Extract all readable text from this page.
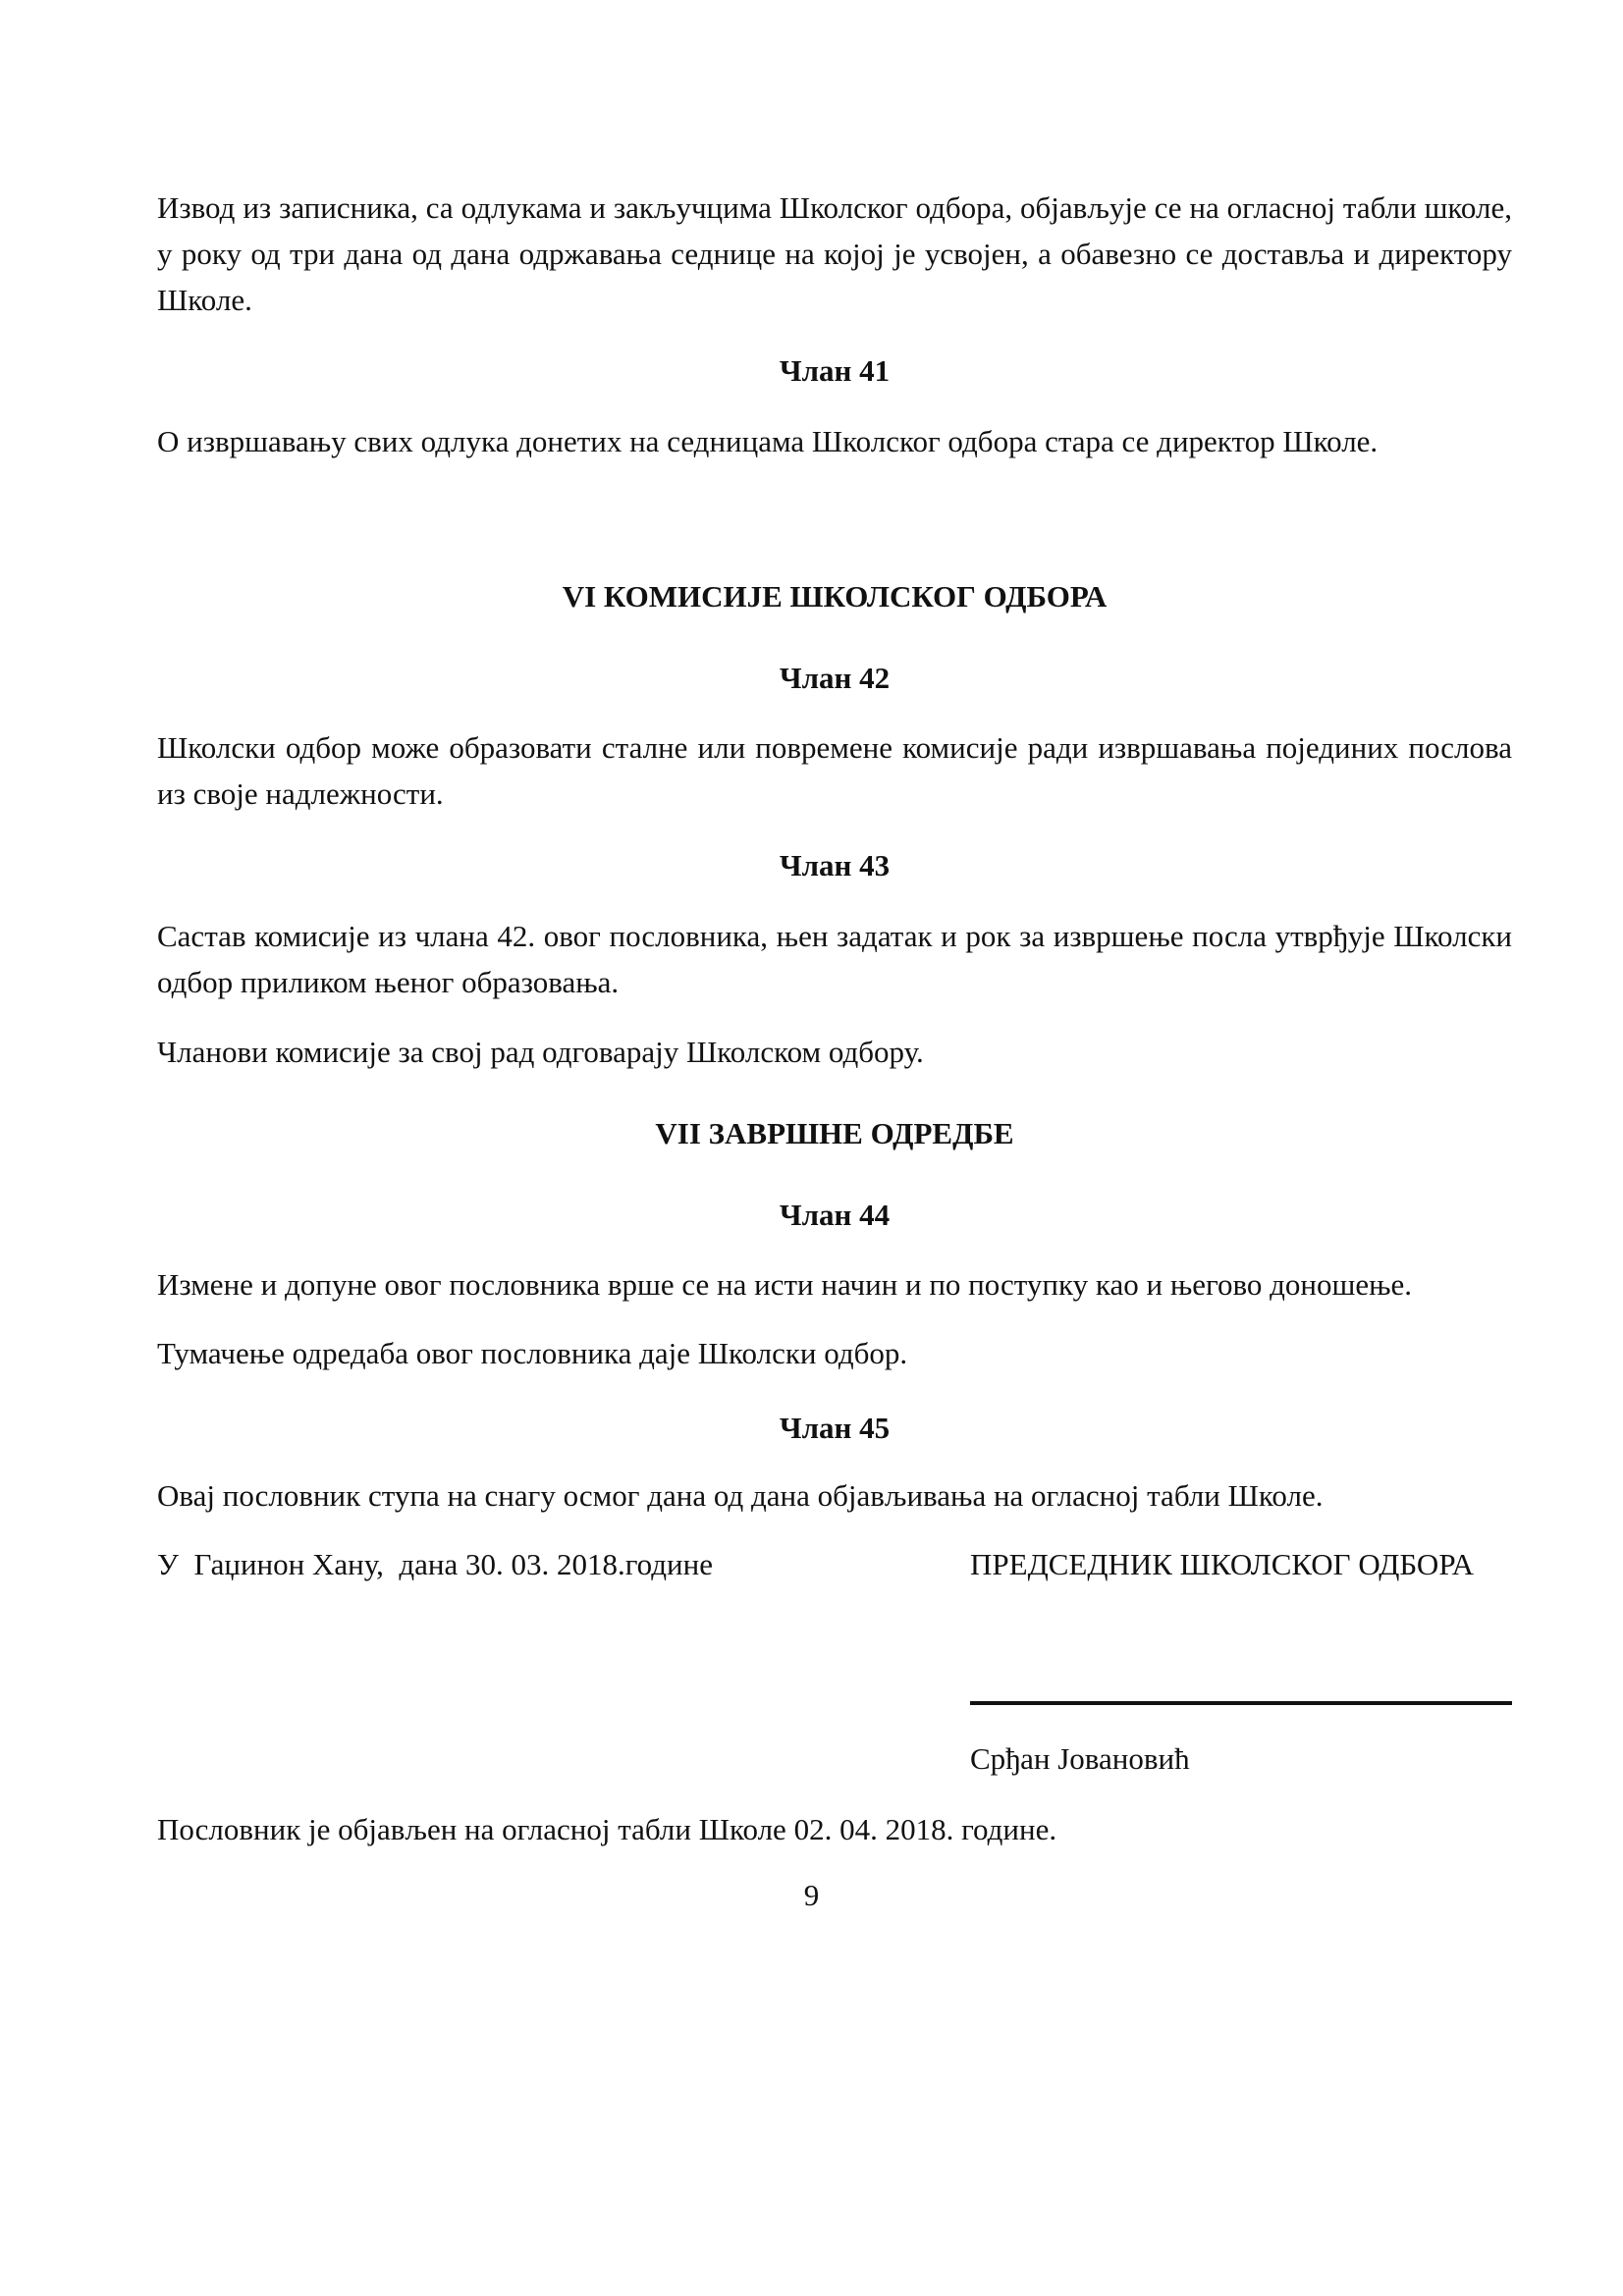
Извод из записника, са одлукама и закључцима Школског одбора, објављује се на огласној табли школе, у року од три дана од дана одржавања седнице на којој је усвојен, а обавезно се доставља и директору Школе.
Члан 41
О извршавању свих одлука донетих на седницама Школског одбора стара се директор Школе.
VI КОМИСИЈЕ ШКОЛСКОГ ОДБОРА
Члан 42
Школски одбор може образовати сталне или повремене комисије ради извршавања појединих послова из своје надлежности.
Члан 43
Састав комисије из члана 42. овог пословника, њен задатак и рок за извршење посла утврђује Школски одбор приликом њеног образовања.
Чланови комисије за свој рад одговарају Школском одбору.
VII ЗАВРШНЕ ОДРЕДБЕ
Члан 44
Измене и допуне овог пословника врше се на исти начин и по поступку као и његово доношење.
Тумачење одредаба овог пословника даје Школски одбор.
Члан 45
Овај пословник ступа на снагу осмог дана од дана објављивања на огласној табли Школе.
У  Гаџинон Хану,  дана 30. 03. 2018.године	ПРЕДСЕДНИК ШКОЛСКОГ ОДБОРА
Срђан Јовановић
Пословник је објављен на огласној табли Школе 02. 04. 2018. године.
9
